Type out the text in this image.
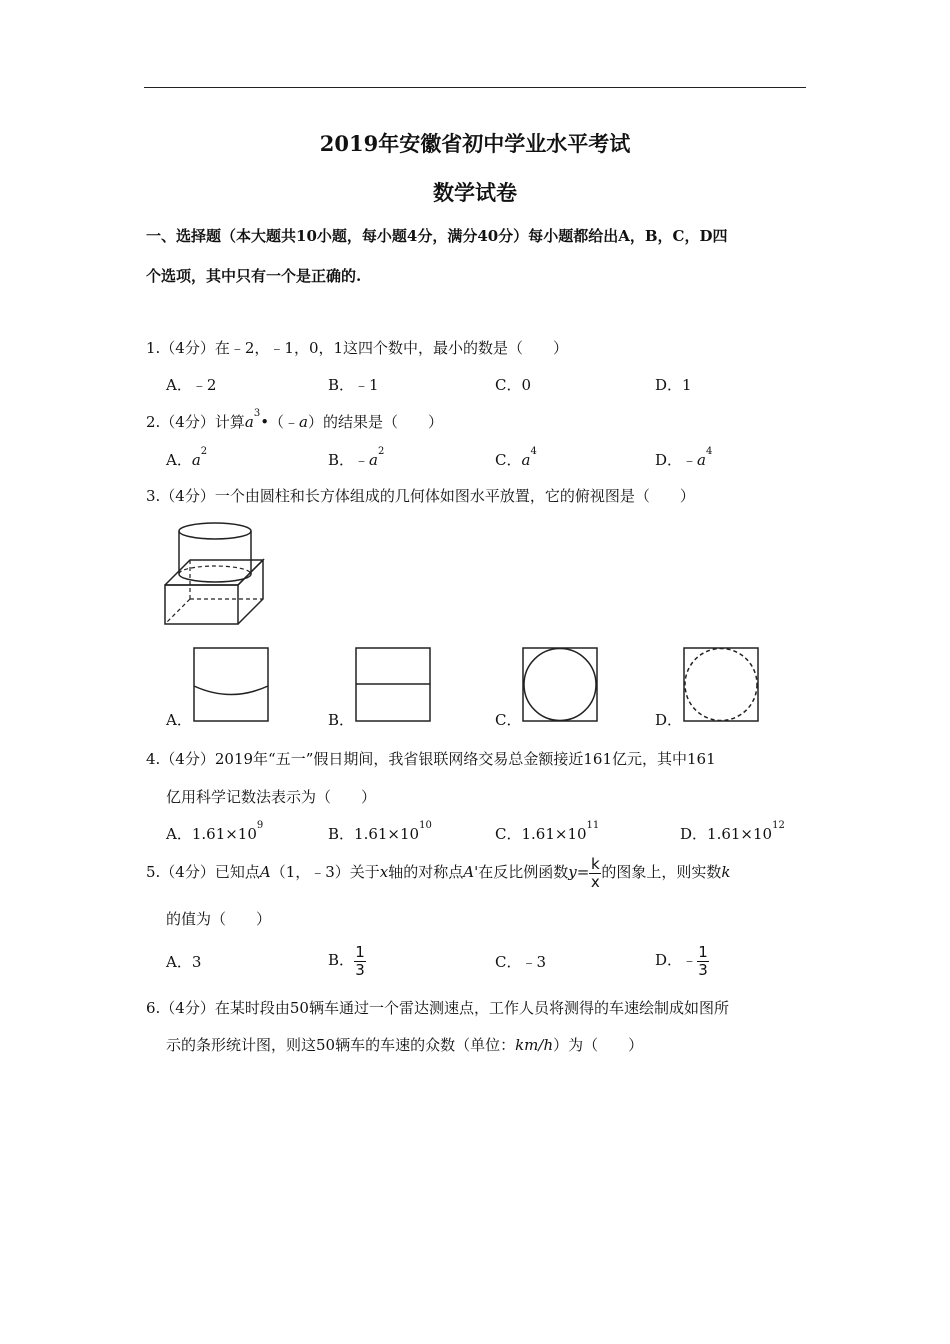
2019年安徽省初中学业水平考试
数学试卷
一、选择题（本大题共10小题，每小题4分，满分40分）每小题都给出A，B，C，D四
个选项，其中只有一个是正确的.
1.（4分）在﹣2，﹣1，0，1这四个数中，最小的数是（　　）
A．﹣2	B．﹣1	C．0	D．1
2.（4分）计算$a^3•(﹣a)$的结果是（　　）
A．$a^2$	B．$﹣a^2$	C．$a^4$	D．$﹣a^4$
3.（4分）一个由圆柱和长方体组成的几何体如图水平放置，它的俯视图是（　　）
A．	B．	C．	D．
4.（4分）2019年“五一”假日期间，我省银联网络交易总金额接近161亿元，其中161
亿用科学记数法表示为（　　）
A．$1.61\times 10^9$	B．$1.61\times 10^{10}$	C．$1.61\times 10^{11}$	D．$1.61\times 10^{12}$
5.（4分）已知点A（1，﹣3）关于x轴的对称点A'在反比例函数$y= \frac{k}{x}$ 的图象上，则实数k
的值为（　　）
A．3	B． $\frac{1}{3}$	C．﹣3	D．﹣ $\frac{1}{3}$
6.（4分）在某时段由50辆车通过一个雷达测速点，工作人员将测得的车速绘制成如图所
示的条形统计图，则这50辆车的车速的众数（单位：km/h）为（　　）
